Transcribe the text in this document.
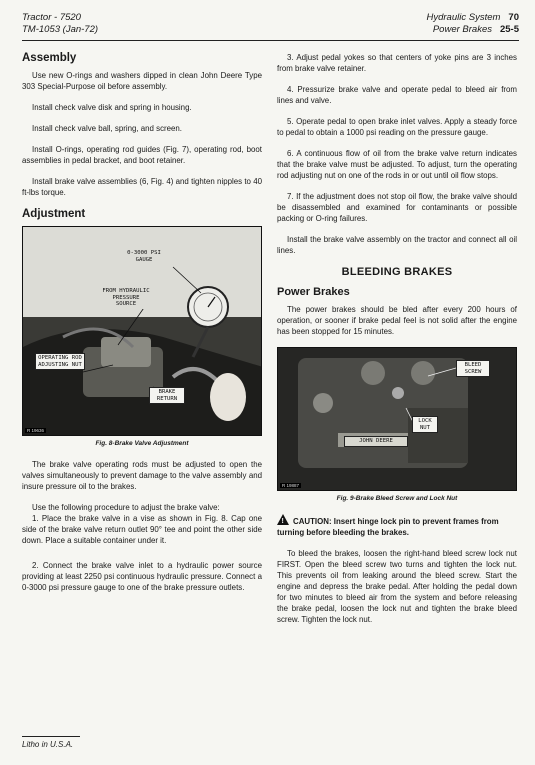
Tractor - 7520
TM-1053 (Jan-72)
Hydraulic System 70
Power Brakes 25-5
Assembly

Use new O-rings and washers dipped in clean John Deere Type 303 Special-Purpose oil before assembly.

Install check valve disk and spring in housing.

Install check valve ball, spring, and screen.

Install O-rings, operating rod guides (Fig. 7), operating rod, boot assemblies in pedal bracket, and boot retainer.

Install brake valve assemblies (6, Fig. 4) and tighten nipples to 40 ft-lbs torque.

Adjustment
0-3000 PSI GAUGE
FROM HYDRAULIC PRESSURE SOURCE
OPERATING ROD ADJUSTING NUT
BRAKE RETURN
R 19636
Fig. 8-Brake Valve Adjustment

The brake valve operating rods must be adjusted to open the valves simultaneously to prevent damage to the valve assembly and insure pressure oil to the brakes.

Use the following procedure to adjust the brake valve:

1. Place the brake valve in a vise as shown in Fig. 8. Cap one side of the brake valve return outlet 90° tee and point the other side down. Place a suitable container under it.

2. Connect the brake valve inlet to a hydraulic power source providing at least 2250 psi continuous hydraulic pressure. Connect a 0-3000 psi pressure gauge to one of the brake pressure outlets.

3. Adjust pedal yokes so that centers of yoke pins are 3 inches from brake valve retainer.

4. Pressurize brake valve and operate pedal to bleed air from lines and valve.

5. Operate pedal to open brake inlet valves. Apply a steady force to pedal to obtain a 1000 psi reading on the pressure gauge.

6. A continuous flow of oil from the brake valve return indicates that the brake valve must be adjusted. To adjust, turn the operating rod adjusting nut on one of the rods in or out until oil flow stops.

7. If the adjustment does not stop oil flow, the brake valve should be disassembled and examined for contaminants or possible packing or O-ring failures.

Install the brake valve assembly on the tractor and connect all oil lines.

BLEEDING BRAKES
Power Brakes

The power brakes should be bled after every 200 hours of operation, or sooner if brake pedal feel is not solid after the engine has been stopped for 15 minutes.

BLEED SCREW
LOCK NUT
JOHN DEERE
R 19887
Fig. 9-Brake Bleed Screw and Lock Nut
!CAUTION: Insert hinge lock pin to prevent frames from turning before bleeding the brakes.

To bleed the brakes, loosen the right-hand bleed screw lock nut FIRST. Open the bleed screw two turns and tighten the lock nut. This prevents oil from leaking around the bleed screw. Start the engine and depress the brake pedal. After holding the pedal down for two minutes to bleed air from the system and before releasing the brake pedal, loosen the lock nut and tighten the brake bleed screw. Tighten the lock nut.

Litho in U.S.A.
